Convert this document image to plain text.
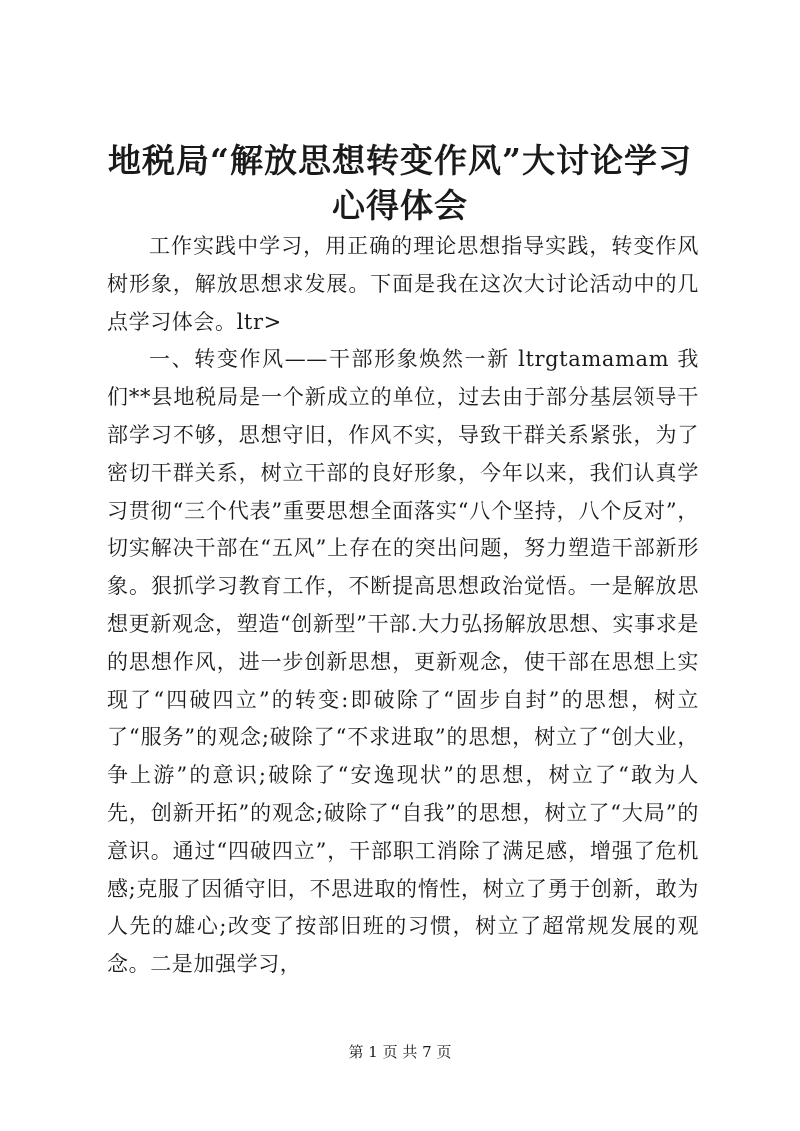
地税局“解放思想转变作风”大讨论学习心得体会

工作实践中学习，用正确的理论思想指导实践，转变作风树形象，解放思想求发展。下面是我在这次大讨论活动中的几点学习体会。ltr>

一、转变作风——干部形象焕然一新 ltrgtamamam 我们**县地税局是一个新成立的单位，过去由于部分基层领导干部学习不够，思想守旧，作风不实，导致干群关系紧张，为了密切干群关系，树立干部的良好形象，今年以来，我们认真学习贯彻“三个代表”重要思想全面落实“八个坚持，八个反对”，切实解决干部在“五风”上存在的突出问题，努力塑造干部新形象。狠抓学习教育工作，不断提高思想政治觉悟。一是解放思想更新观念，塑造“创新型”干部.大力弘扬解放思想、实事求是的思想作风，进一步创新思想，更新观念，使干部在思想上实现了“四破四立”的转变:即破除了“固步自封”的思想，树立了“服务”的观念;破除了“不求进取”的思想，树立了“创大业，争上游”的意识;破除了“安逸现状”的思想，树立了“敢为人先，创新开拓”的观念;破除了“自我”的思想，树立了“大局”的意识。通过“四破四立”，干部职工消除了满足感，增强了危机感;克服了因循守旧，不思进取的惰性，树立了勇于创新，敢为人先的雄心;改变了按部旧班的习惯，树立了超常规发展的观念。二是加强学习，

第 1 页 共 7 页
